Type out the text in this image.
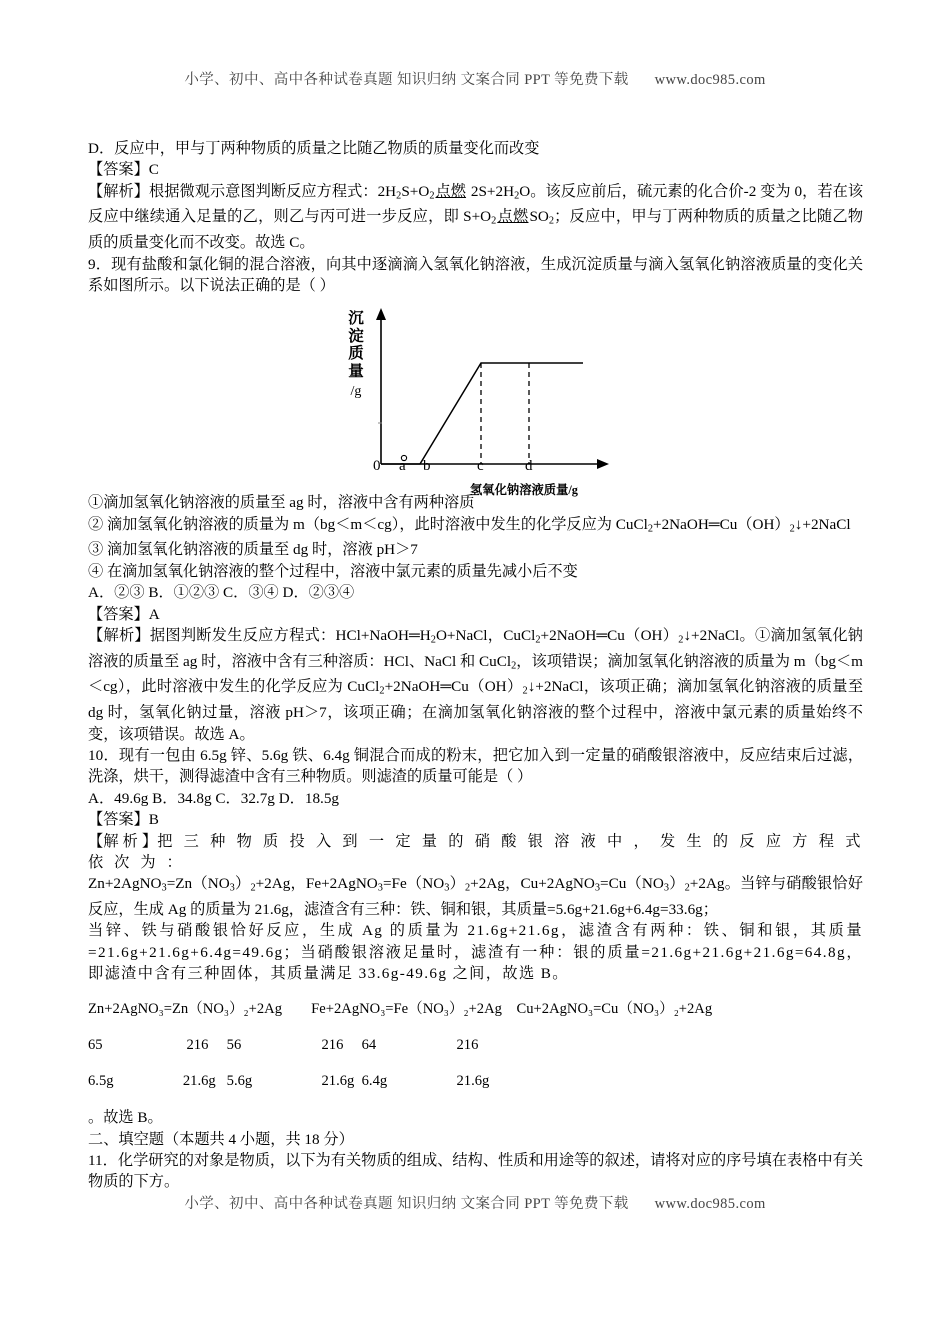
小学、初中、高中各种试卷真题 知识归纳 文案合同 PPT 等免费下载 www.doc985.com

D．反应中，甲与丁两种物质的质量之比随乙物质的质量变化而改变

【答案】C

【解析】根据微观示意图判断反应方程式：$2H_2S+O_2$点燃 $2S+2H_2O$。该反应前后，硫元素的化合价-2 变为 0，若在该反应中继续通入足量的乙，则乙与丙可进一步反应，即 $S+O_2$点燃$SO_2$；反应中，甲与丁两种物质的质量之比随乙物质的质量变化而不改变。故选 C。

9．现有盐酸和氯化铜的混合溶液，向其中逐滴滴入氢氧化钠溶液，生成沉淀质量与滴入氢氧化钠溶液质量的变化关系如图所示。以下说法正确的是（ ）

①滴加氢氧化钠溶液的质量至 ag 时，溶液中含有两种溶质

② 滴加氢氧化钠溶液的质量为 m（bg＜m＜cg），此时溶液中发生的化学反应为 $CuCl_2+2NaOH═Cu(OH)_2↓+2NaCl$

③ 滴加氢氧化钠溶液的质量至 dg 时，溶液 pH＞7

④ 在滴加氢氧化钠溶液的整个过程中，溶液中氯元素的质量先减小后不变

A．②③ B．①②③ C．③④ D．②③④

【答案】A

【解析】据图判断发生反应方程式：$HCl+NaOH═H_2O+NaCl$，$CuCl_2+2NaOH═Cu(OH)_2↓+2NaCl$。①滴加氢氧化钠溶液的质量至 ag 时，溶液中含有三种溶质：HCl、NaCl 和 CuCl$_2$，该项错误；滴加氢氧化钠溶液的质量为 m（bg＜m＜cg），此时溶液中发生的化学反应为 $CuCl_2+2NaOH═Cu(OH)_2↓+2NaCl$，该项正确；滴加氢氧化钠溶液的质量至 dg 时，氢氧化钠过量，溶液 pH＞7，该项正确；在滴加氢氧化钠溶液的整个过程中，溶液中氯元素的质量始终不变，该项错误。故选 A。

10．现有一包由 6.5g 锌、5.6g 铁、6.4g 铜混合而成的粉末，把它加入到一定量的硝酸银溶液中，反应结束后过滤，洗涤，烘干，测得滤渣中含有三种物质。则滤渣的质量可能是（ ）

A．49.6g B．34.8g C．32.7g D．18.5g

【答案】B

【解 析 】把 三 种 物 质 投 入 到 一 定 量 的 硝 酸 银 溶 液 中 ， 发 生 的 反 应 方 程 式 依 次 为 ：

$Zn+2AgNO_3=Zn(NO_3)_2+2Ag$，$Fe+2AgNO_3=Fe(NO_3)_2+2Ag$，$Cu+2AgNO_3=Cu(NO_3)_2+2Ag$。当锌与硝酸银恰好反应，生成 Ag 的质量为 21.6g，滤渣含有三种：铁、铜和银，其质量=5.6g+21.6g+6.4g=33.6g；

当锌、铁与硝酸银恰好反应，生成 Ag 的质量为 21.6g+21.6g，滤渣含有两种：铁、铜和银，其质量=21.6g+21.6g+6.4g=49.6g；当硝酸银溶液足量时，滤渣有一种：银的质量=21.6g+21.6g+21.6g=64.8g，即滤渣中含有三种固体，其质量满足 33.6g-49.6g 之间，故选 B。

Zn+2AgNO₃=Zn（NO₃）₂+2Ag        Fe+2AgNO₃=Fe（NO₃）₂+2Ag    Cu+2AgNO₃=Cu（NO₃）₂+2Ag

65                       216     56                      216     64                      216

6.5g                   21.6g   5.6g                   21.6g  6.4g                   21.6g

。故选 B。

二、填空题（本题共 4 小题，共 18 分）

11．化学研究的对象是物质，以下为有关物质的组成、结构、性质和用途等的叙述，请将对应的序号填在表格中有关物质的下方。

沉
淀
质
量
/g
0 a b	c	d
氢氧化钠溶液质量/g
小学、初中、高中各种试卷真题 知识归纳 文案合同 PPT 等免费下载 www.doc985.com
